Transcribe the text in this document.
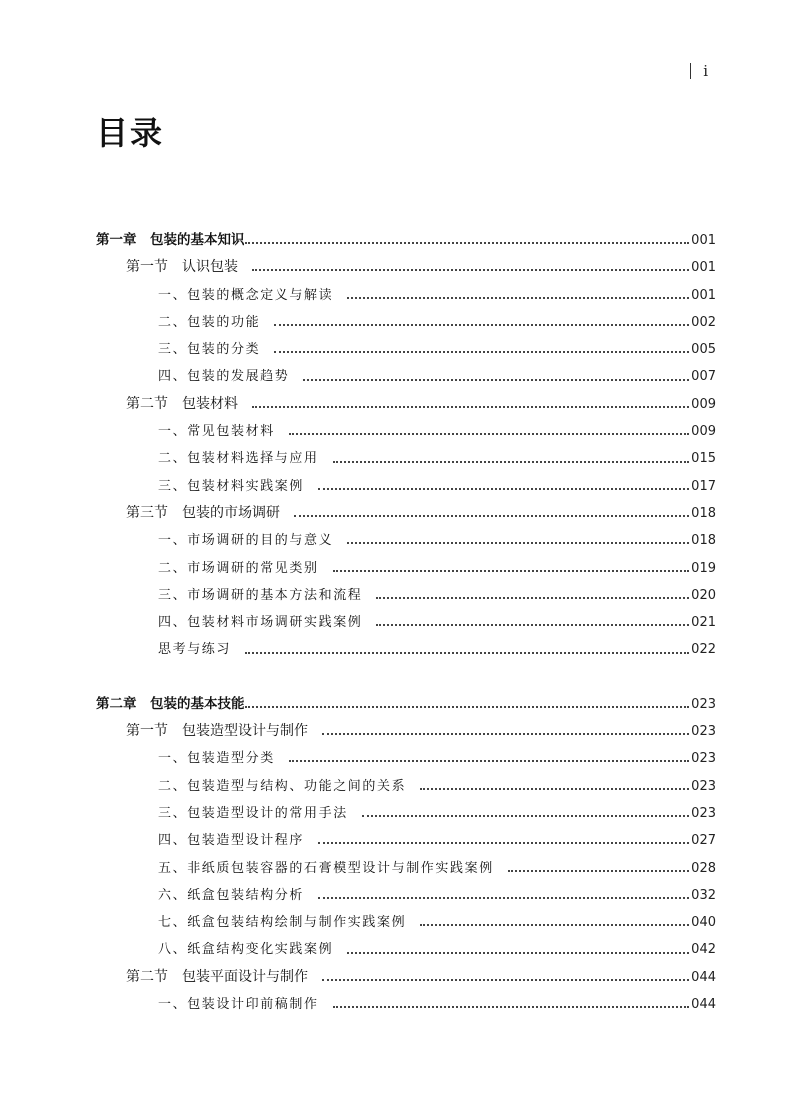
i
目录
第一章　包装的基本知识	001
第一节　认识包装	001
一、包装的概念定义与解读	001
二、包装的功能	002
三、包装的分类	005
四、包装的发展趋势	007
第二节　包装材料	009
一、常见包装材料	009
二、包装材料选择与应用	015
三、包装材料实践案例	017
第三节　包装的市场调研	018
一、市场调研的目的与意义	018
二、市场调研的常见类别	019
三、市场调研的基本方法和流程	020
四、包装材料市场调研实践案例	021
思考与练习	022
第二章　包装的基本技能	023
第一节　包装造型设计与制作	023
一、包装造型分类	023
二、包装造型与结构、功能之间的关系	023
三、包装造型设计的常用手法	023
四、包装造型设计程序	027
五、非纸质包装容器的石膏模型设计与制作实践案例	028
六、纸盒包装结构分析	032
七、纸盒包装结构绘制与制作实践案例	040
八、纸盒结构变化实践案例	042
第二节　包装平面设计与制作	044
一、包装设计印前稿制作	044
